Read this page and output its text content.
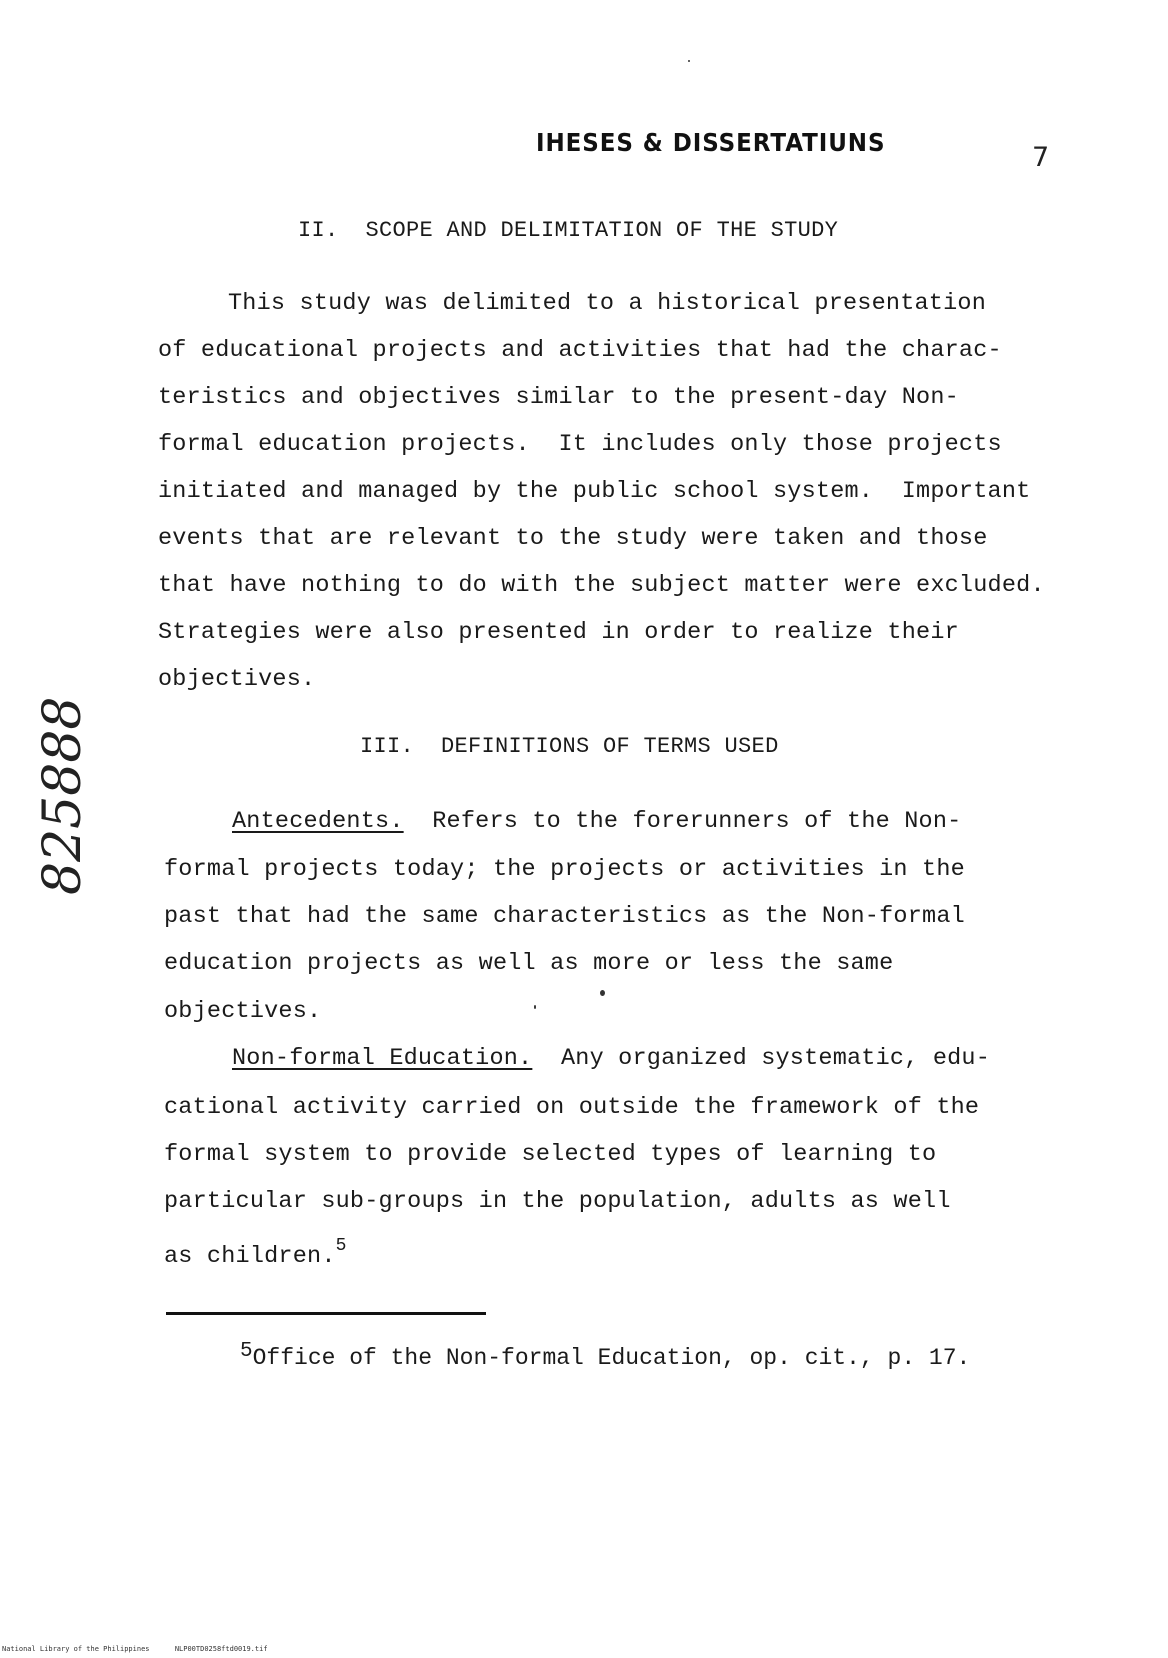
IHESES & DISSERTATIUNS	7
II.  SCOPE AND DELIMITATION OF THE STUDY
This study was delimited to a historical presentation
of educational projects and activities that had the charac-
teristics and objectives similar to the present-day Non-
formal education projects.  It includes only those projects
initiated and managed by the public school system.  Important
events that are relevant to the study were taken and those
that have nothing to do with the subject matter were excluded.
Strategies were also presented in order to realize their
objectives.
III.  DEFINITIONS OF TERMS USED
Antecedents.  Refers to the forerunners of the Non-
formal projects today; the projects or activities in the
past that had the same characteristics as the Non-formal
education projects as well as more or less the same
objectives.
Non-formal Education.  Any organized systematic, edu-
cational activity carried on outside the framework of the
formal system to provide selected types of learning to
particular sub-groups in the population, adults as well
as children.$^5$
5Office of the Non-formal Education, op. cit., p. 17.
825888
National Library of the Philippines	NLP00TD0258ftd0019.tif
